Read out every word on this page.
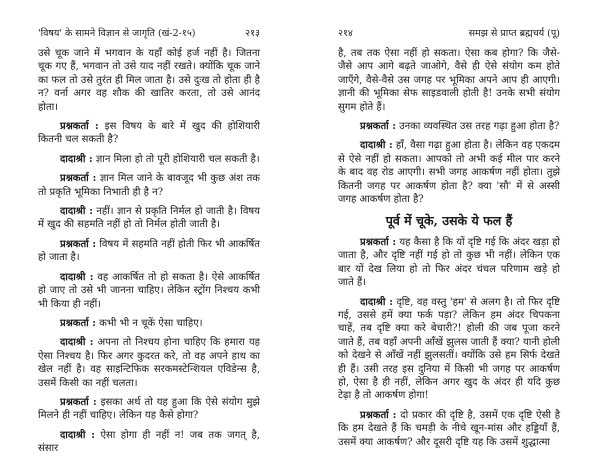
'विषय' के सामने विज्ञान से जागृति (खं-2-१५)	२१३

उसे चूक जाने में भगवान के यहाँ कोई हर्ज नहीं है। जितना चूक गए हैं, भगवान तो उसे याद नहीं रखते। क्योंकि चूक जाने का फल तो उसे तुरंत ही मिल जाता है। उसे दुःख तो होता ही है न? वर्ना अगर वह शौक की खातिर करता, तो उसे आनंद होता।

प्रश्नकर्ता : इस विषय के बारे में खुद की होशियारी कितनी चल सकती है?

दादाश्री : ज्ञान मिला हो तो पूरी होशियारी चल सकती है।

प्रश्नकर्ता : ज्ञान मिल जाने के बावजूद भी कुछ अंश तक तो प्रकृति भूमिका निभाती ही है न?

दादाश्री : नहीं। ज्ञान से प्रकृति निर्मल हो जाती है। विषय में खुद की सहमति नहीं हो तो निर्मल होती जाती है।

प्रश्नकर्ता : विषय में सहमति नहीं होती फिर भी आकर्षित हो जाता है।

दादाश्री : वह आकर्षित तो हो सकता है। ऐसे आकर्षित हो जाए तो उसे भी जानना चाहिए। लेकिन स्ट्रोंग निश्चय कभी भी किया ही नहीं।

प्रश्नकर्ता : कभी भी न चूकें ऐसा चाहिए।

दादाश्री : अपना तो निश्चय होना चाहिए कि हमारा यह ऐसा निश्चय है। फिर अगर कुदरत करे, तो वह अपने हाथ का खेल नहीं है। वह साइन्टिफिक सरकमस्टेन्शियल एविडेन्स है, उसमें किसी का नहीं चलता।

प्रश्नकर्ता : इसका अर्थ तो यह हुआ कि ऐसे संयोग मुझे मिलने ही नहीं चाहिए। लेकिन यह कैसे होगा?

दादाश्री : ऐसा होगा ही नहीं न! जब तक जगत् है, संसार

२१४	समझ से प्राप्त ब्रह्मचर्य (पू)

है, तब तक ऐसा नहीं हो सकता। ऐसा कब होगा? कि जैसे-जैसे आप आगे बढ़ते जाओगे, वैसे ही ऐसे संयोग कम होते जाएँगे, वैसे-वैसे उस जगह पर भूमिका अपने आप ही आएगी। ज्ञानी की भूमिका सेफ साइडवाली होती है! उनके सभी संयोग सुगम होते हैं।

प्रश्नकर्ता : उनका व्यवस्थित उस तरह गढ़ा हुआ होता है?

दादाश्री : हाँ, वैसा गढ़ा हुआ होता है। लेकिन वह एकदम से ऐसे नहीं हो सकता। आपको तो अभी कई मील पार करने के बाद वह रोड आएगी। सभी जगह आकर्षण नहीं होता। तुझे कितनी जगह पर आकर्षण होता है? क्या 'सौ' में से अस्सी जगह आकर्षण होता है?

पूर्व में चूके, उसके ये फल हैं

प्रश्नकर्ता : यह कैसा है कि यों दृष्टि गई कि अंदर खड़ा हो जाता है, और दृष्टि नहीं गई हो तो कुछ भी नहीं। लेकिन एक बार यों देख लिया हो तो फिर अंदर चंचल परिणाम खड़े हो जाते हैं।

दादाश्री : दृष्टि, वह वस्तु 'हम' से अलग है। तो फिर दृष्टि गई, उससे हमें क्या फर्क पड़ा? लेकिन हम अंदर चिपकना चाहें, तब दृष्टि क्या करे बेचारी?! होली की जब पूजा करने जाते हैं, तब वहाँ अपनी आँखें झुलस जाती हैं क्या? यानी होली को देखने से आँखें नहीं झुलसतीं। क्योंकि उसे हम सिर्फ देखते ही हैं। उसी तरह इस दुनिया में किसी भी जगह पर आकर्षण हो, ऐसा है ही नहीं, लेकिन अगर खुद के अंदर ही यदि कुछ टेढ़ा है तो आकर्षण होगा!

प्रश्नकर्ता : दो प्रकार की दृष्टि है, उसमें एक दृष्टि ऐसी है कि हम देखते हैं कि चमड़ी के नीचे खून-मांस और हड्डियाँ हैं, उसमें क्या आकर्षण? और दूसरी दृष्टि यह कि उसमें शुद्धात्मा
